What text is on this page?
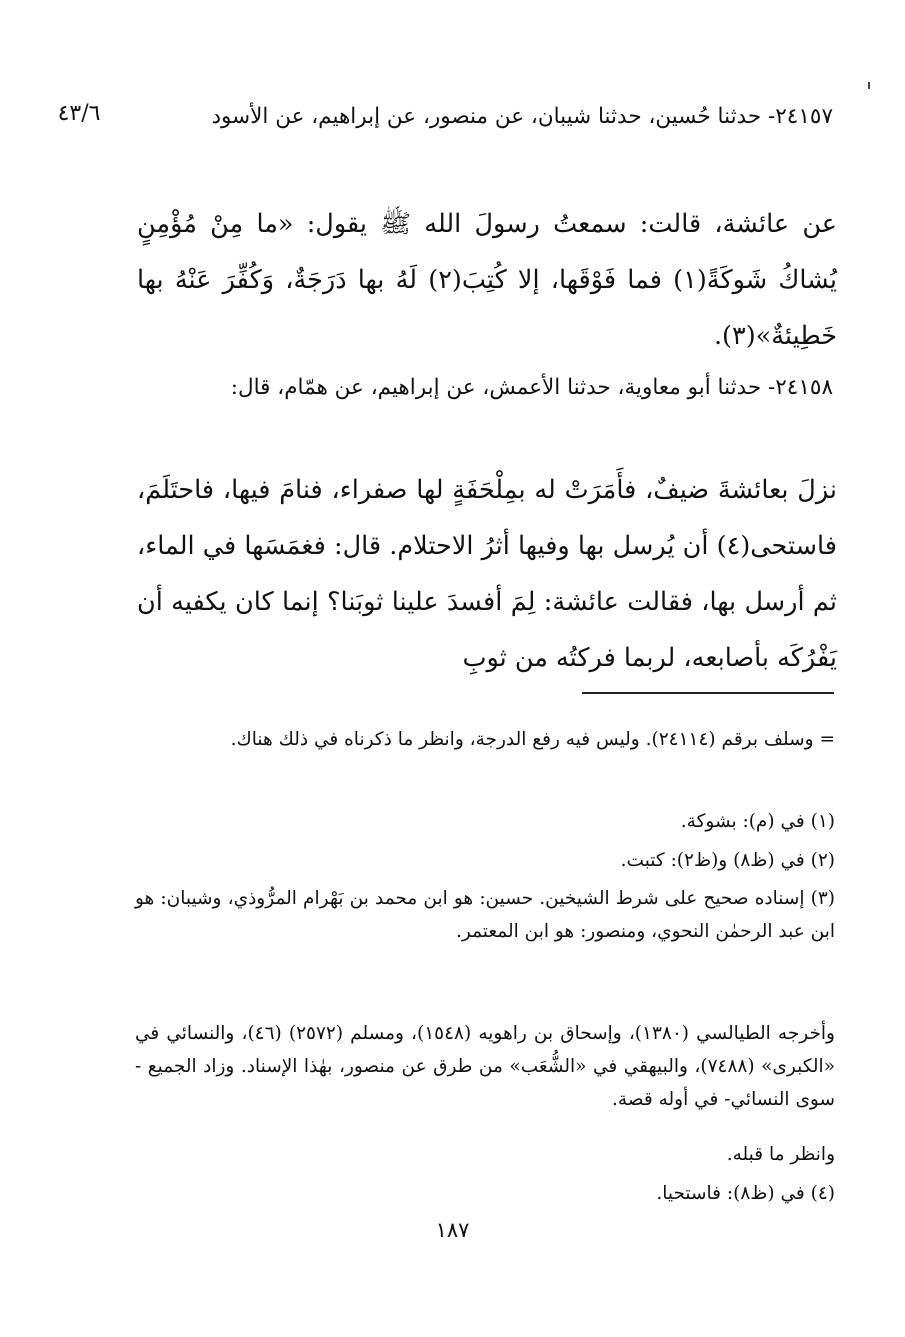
٤٣/٦	٢٤١٥٧- حدثنا حُسين، حدثنا شيبان، عن منصور، عن إبراهيم، عن الأسود

عن عائشة، قالت: سمعتُ رسولَ الله ﷺ يقول: «ما مِنْ مُؤْمِنٍ يُشاكُ شَوكَةً(١) فما فَوْقَها، إلا كُتِبَ(٢) لَهُ بها دَرَجَةٌ، وَكُفِّرَ عَنْهُ بها خَطِيئةٌ»(٣).

٢٤١٥٨- حدثنا أبو معاوية، حدثنا الأعمش، عن إبراهيم، عن همّام، قال:

نزلَ بعائشةَ ضيفٌ، فأَمَرَتْ له بمِلْحَفَةٍ لها صفراء، فنامَ فيها، فاحتَلَمَ، فاستحى(٤) أن يُرسل بها وفيها أثرُ الاحتلام. قال: فغمَسَها في الماء، ثم أرسل بها، فقالت عائشة: لِمَ أفسدَ علينا ثوبَنا؟ إنما كان يكفيه أن يَفْرُكَه بأصابعه، لربما فركتُه من ثوبِ

= وسلف برقم (٢٤١١٤). وليس فيه رفع الدرجة، وانظر ما ذكرناه في ذلك هناك.

(١) في (م): بشوكة.

(٢) في (ظ٨) و(ظ٢): كتبت.

(٣) إسناده صحيح على شرط الشيخين. حسين: هو ابن محمد بن بَهْرام المرُّوذي، وشيبان: هو ابن عبد الرحمٰن النحوي، ومنصور: هو ابن المعتمر.

وأخرجه الطيالسي (١٣٨٠)، وإسحاق بن راهويه (١٥٤٨)، ومسلم (٢٥٧٢) (٤٦)، والنسائي في «الكبرى» (٧٤٨٨)، والبيهقي في «الشُّعَب» من طرق عن منصور، بهٰذا الإسناد. وزاد الجميع - سوى النسائي- في أوله قصة.

وانظر ما قبله.

(٤) في (ظ٨): فاستحيا.

١٨٧
